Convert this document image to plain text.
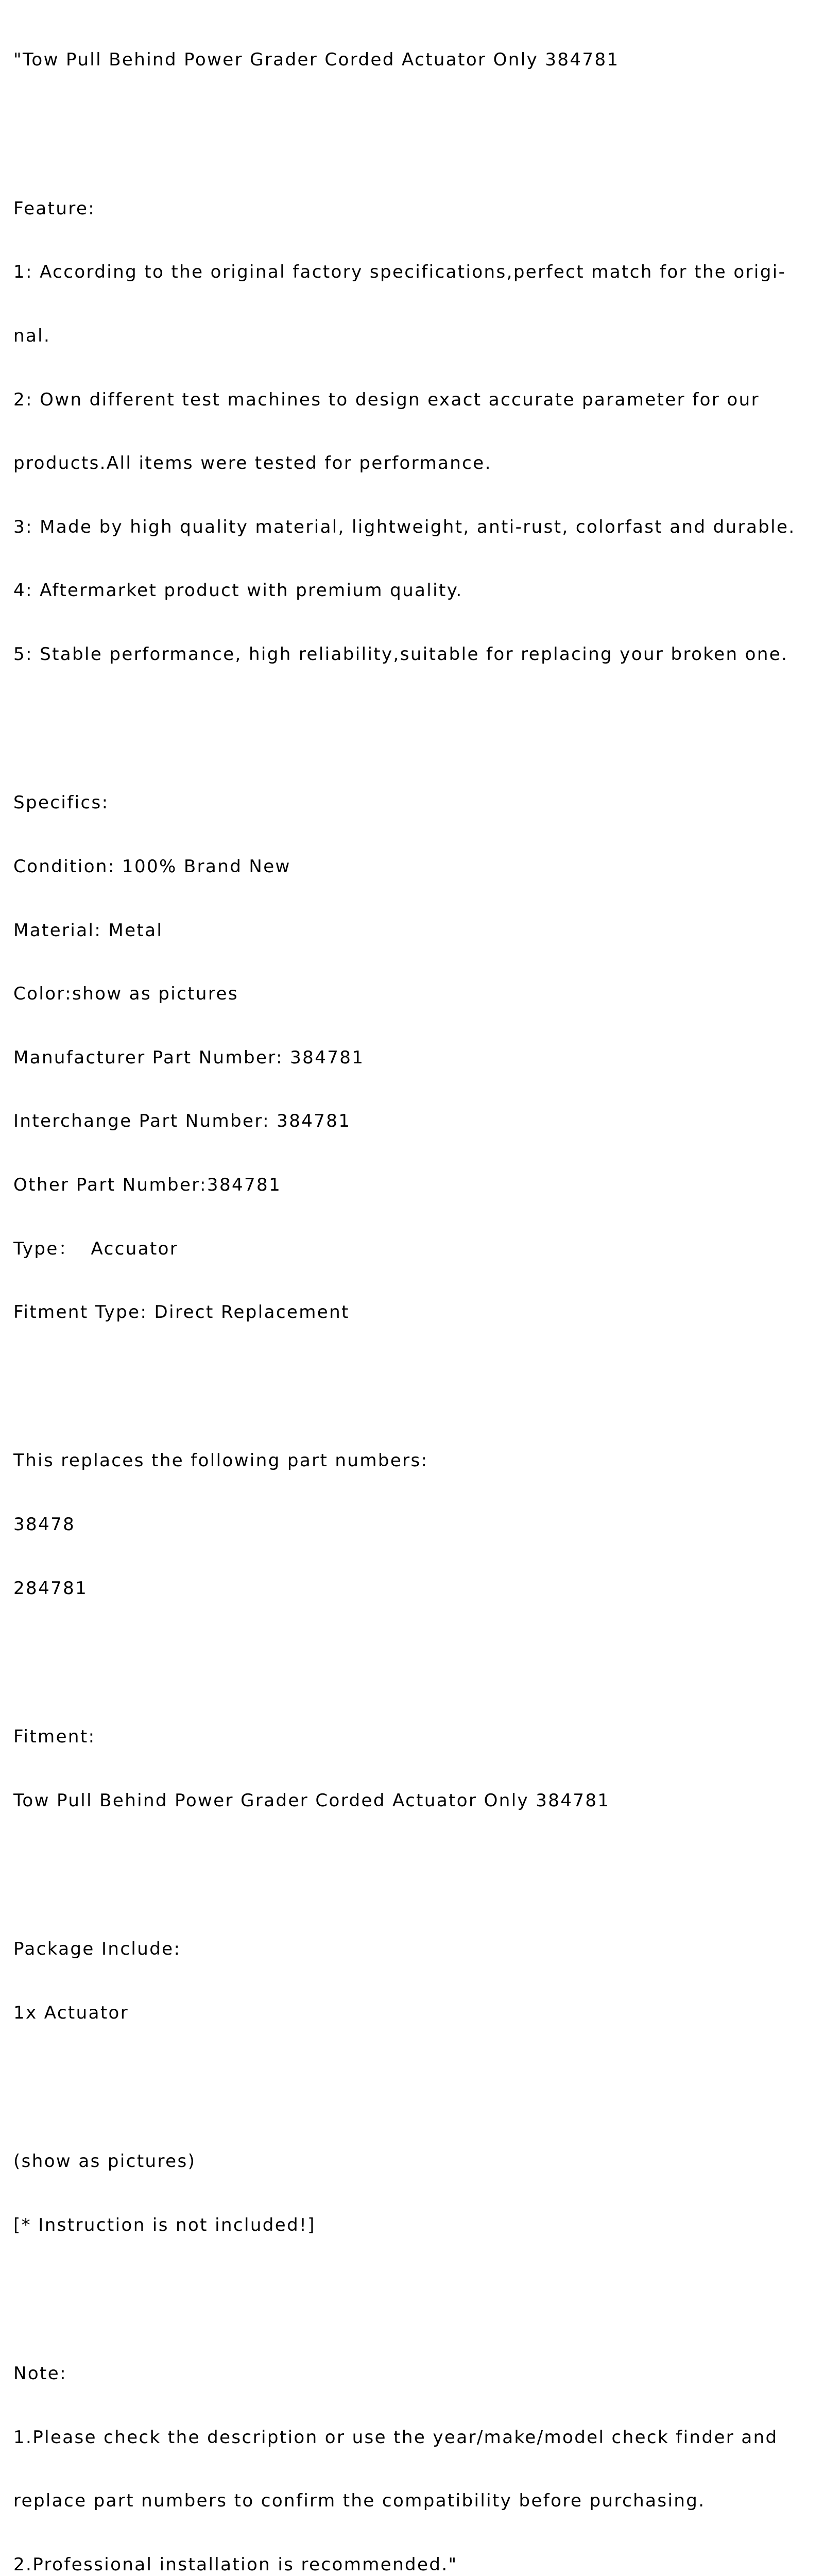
"Tow Pull Behind Power Grader Corded Actuator Only 384781

Feature:

1: According to the original factory specifications,perfect match for the origi-

nal.

2: Own different test machines to design exact accurate parameter for our

products.All items were tested for performance.

3: Made by high quality material, lightweight, anti-rust, colorfast and durable.

4: Aftermarket product with premium quality.

5: Stable performance, high reliability,suitable for replacing your broken one.

Specifics:

Condition: 100% Brand New

Material: Metal

Color:show as pictures

Manufacturer Part Number: 384781

Interchange Part Number: 384781

Other Part Number:384781

Type：  Accuator

Fitment Type: Direct Replacement

This replaces the following part numbers:

38478

284781

Fitment:

Tow Pull Behind Power Grader Corded Actuator Only 384781

Package Include:

1x Actuator

(show as pictures)

[* Instruction is not included!]

Note:

1.Please check the description or use the year/make/model check finder and

replace part numbers to confirm the compatibility before purchasing.

2.Professional installation is recommended."
